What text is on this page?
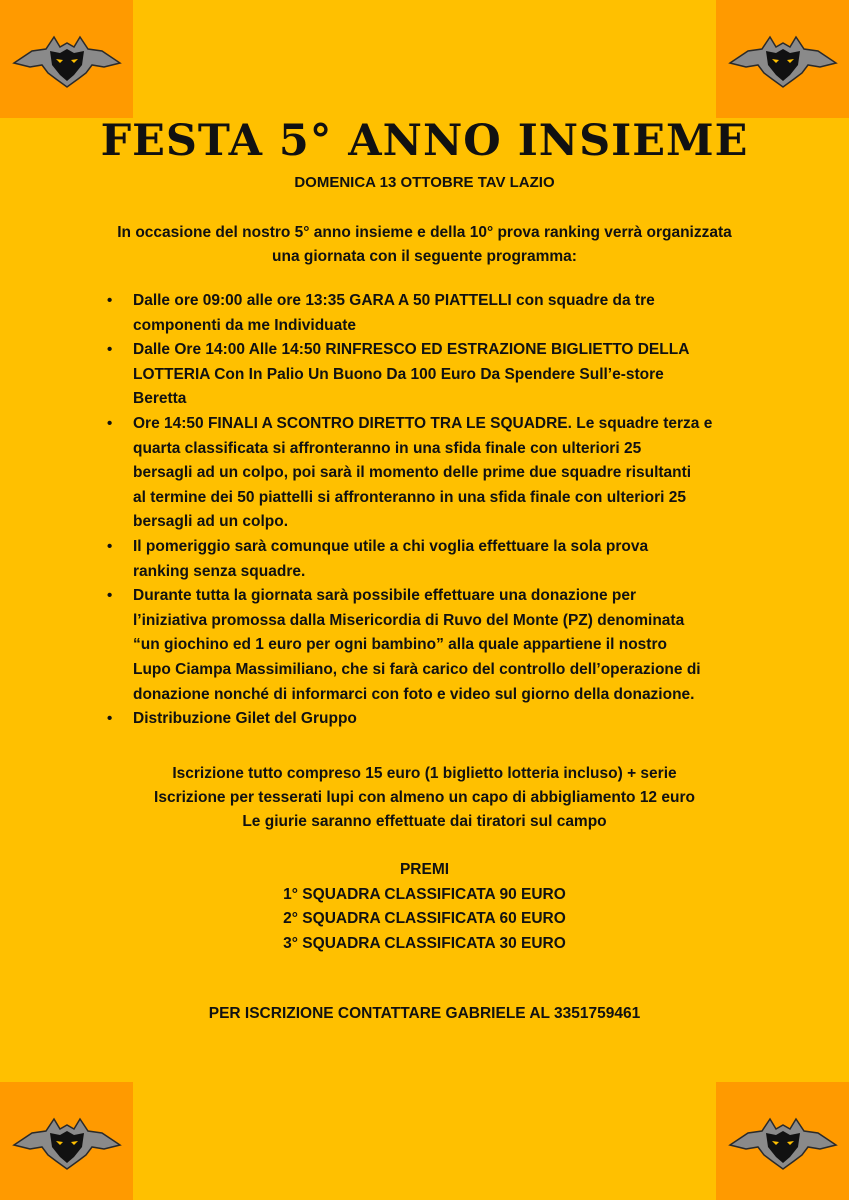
FESTA 5° ANNO INSIEME
DOMENICA 13 OTTOBRE TAV LAZIO
In occasione del nostro 5° anno insieme e della 10° prova ranking verrà organizzata
una giornata con il seguente programma:
• Dalle ore 09:00 alle ore 13:35 GARA A 50 PIATTELLI con squadre da tre
componenti da me Individuate
• Dalle Ore 14:00 Alle 14:50 RINFRESCO ED ESTRAZIONE BIGLIETTO DELLA
LOTTERIA Con In Palio Un Buono Da 100 Euro Da Spendere Sull’e-store
Beretta
• Ore 14:50 FINALI A SCONTRO DIRETTO TRA LE SQUADRE. Le squadre terza e
quarta classificata si affronteranno in una sfida finale con ulteriori 25
bersagli ad un colpo, poi sarà il momento delle prime due squadre risultanti
al termine dei 50 piattelli si affronteranno in una sfida finale con ulteriori 25
bersagli ad un colpo.
• Il pomeriggio sarà comunque utile a chi voglia effettuare la sola prova
ranking senza squadre.
• Durante tutta la giornata sarà possibile effettuare una donazione per
l’iniziativa promossa dalla Misericordia di Ruvo del Monte (PZ) denominata
“un giochino ed 1 euro per ogni bambino” alla quale appartiene il nostro
Lupo Ciampa Massimiliano, che si farà carico del controllo dell’operazione di
donazione nonché di informarci con foto e video sul giorno della donazione.
• Distribuzione Gilet del Gruppo
Iscrizione tutto compreso 15 euro (1 biglietto lotteria incluso) + serie
Iscrizione per tesserati lupi con almeno un capo di abbigliamento 12 euro
Le giurie saranno effettuate dai tiratori sul campo
PREMI
1° SQUADRA CLASSIFICATA 90 EURO
2° SQUADRA CLASSIFICATA 60 EURO
3° SQUADRA CLASSIFICATA 30 EURO
PER ISCRIZIONE CONTATTARE GABRIELE AL 3351759461
